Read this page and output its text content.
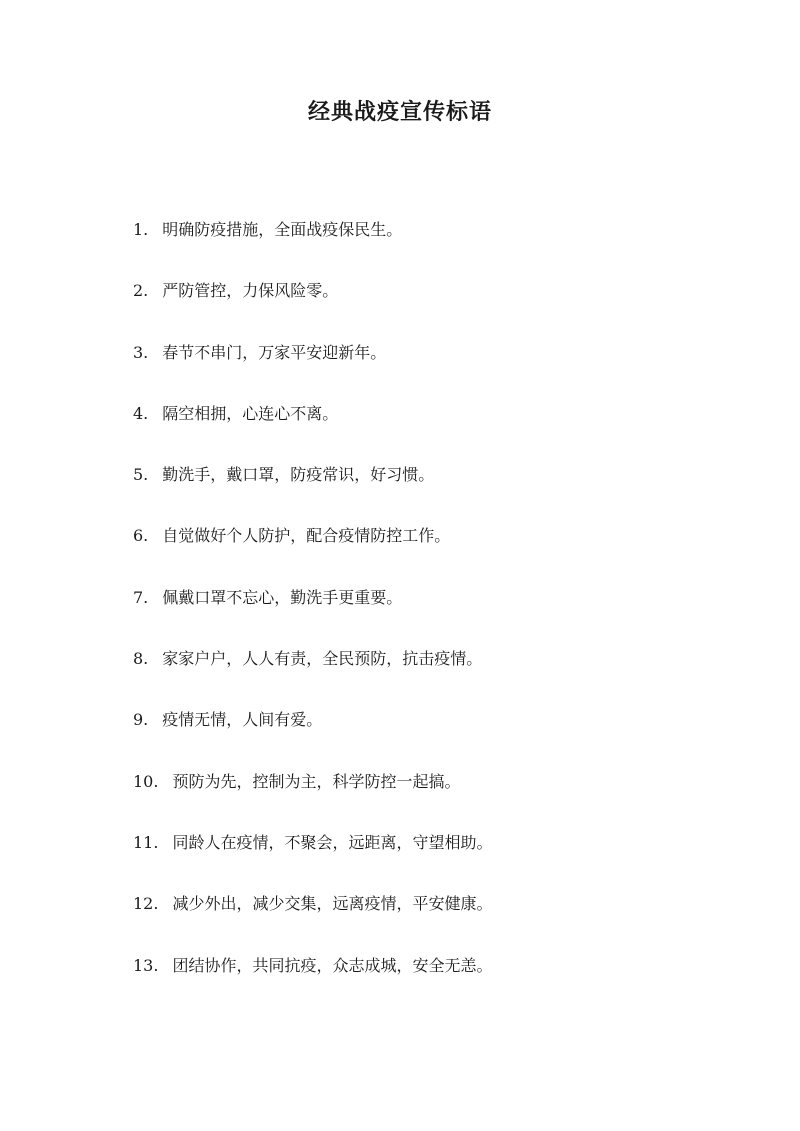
经典战疫宣传标语
1. 明确防疫措施，全面战疫保民生。
2. 严防管控，力保风险零。
3. 春节不串门，万家平安迎新年。
4. 隔空相拥，心连心不离。
5. 勤洗手，戴口罩，防疫常识，好习惯。
6. 自觉做好个人防护，配合疫情防控工作。
7. 佩戴口罩不忘心，勤洗手更重要。
8. 家家户户，人人有责，全民预防，抗击疫情。
9. 疫情无情，人间有爱。
10. 预防为先，控制为主，科学防控一起搞。
11. 同龄人在疫情，不聚会，远距离，守望相助。
12. 减少外出，减少交集，远离疫情，平安健康。
13. 团结协作，共同抗疫，众志成城，安全无恙。
